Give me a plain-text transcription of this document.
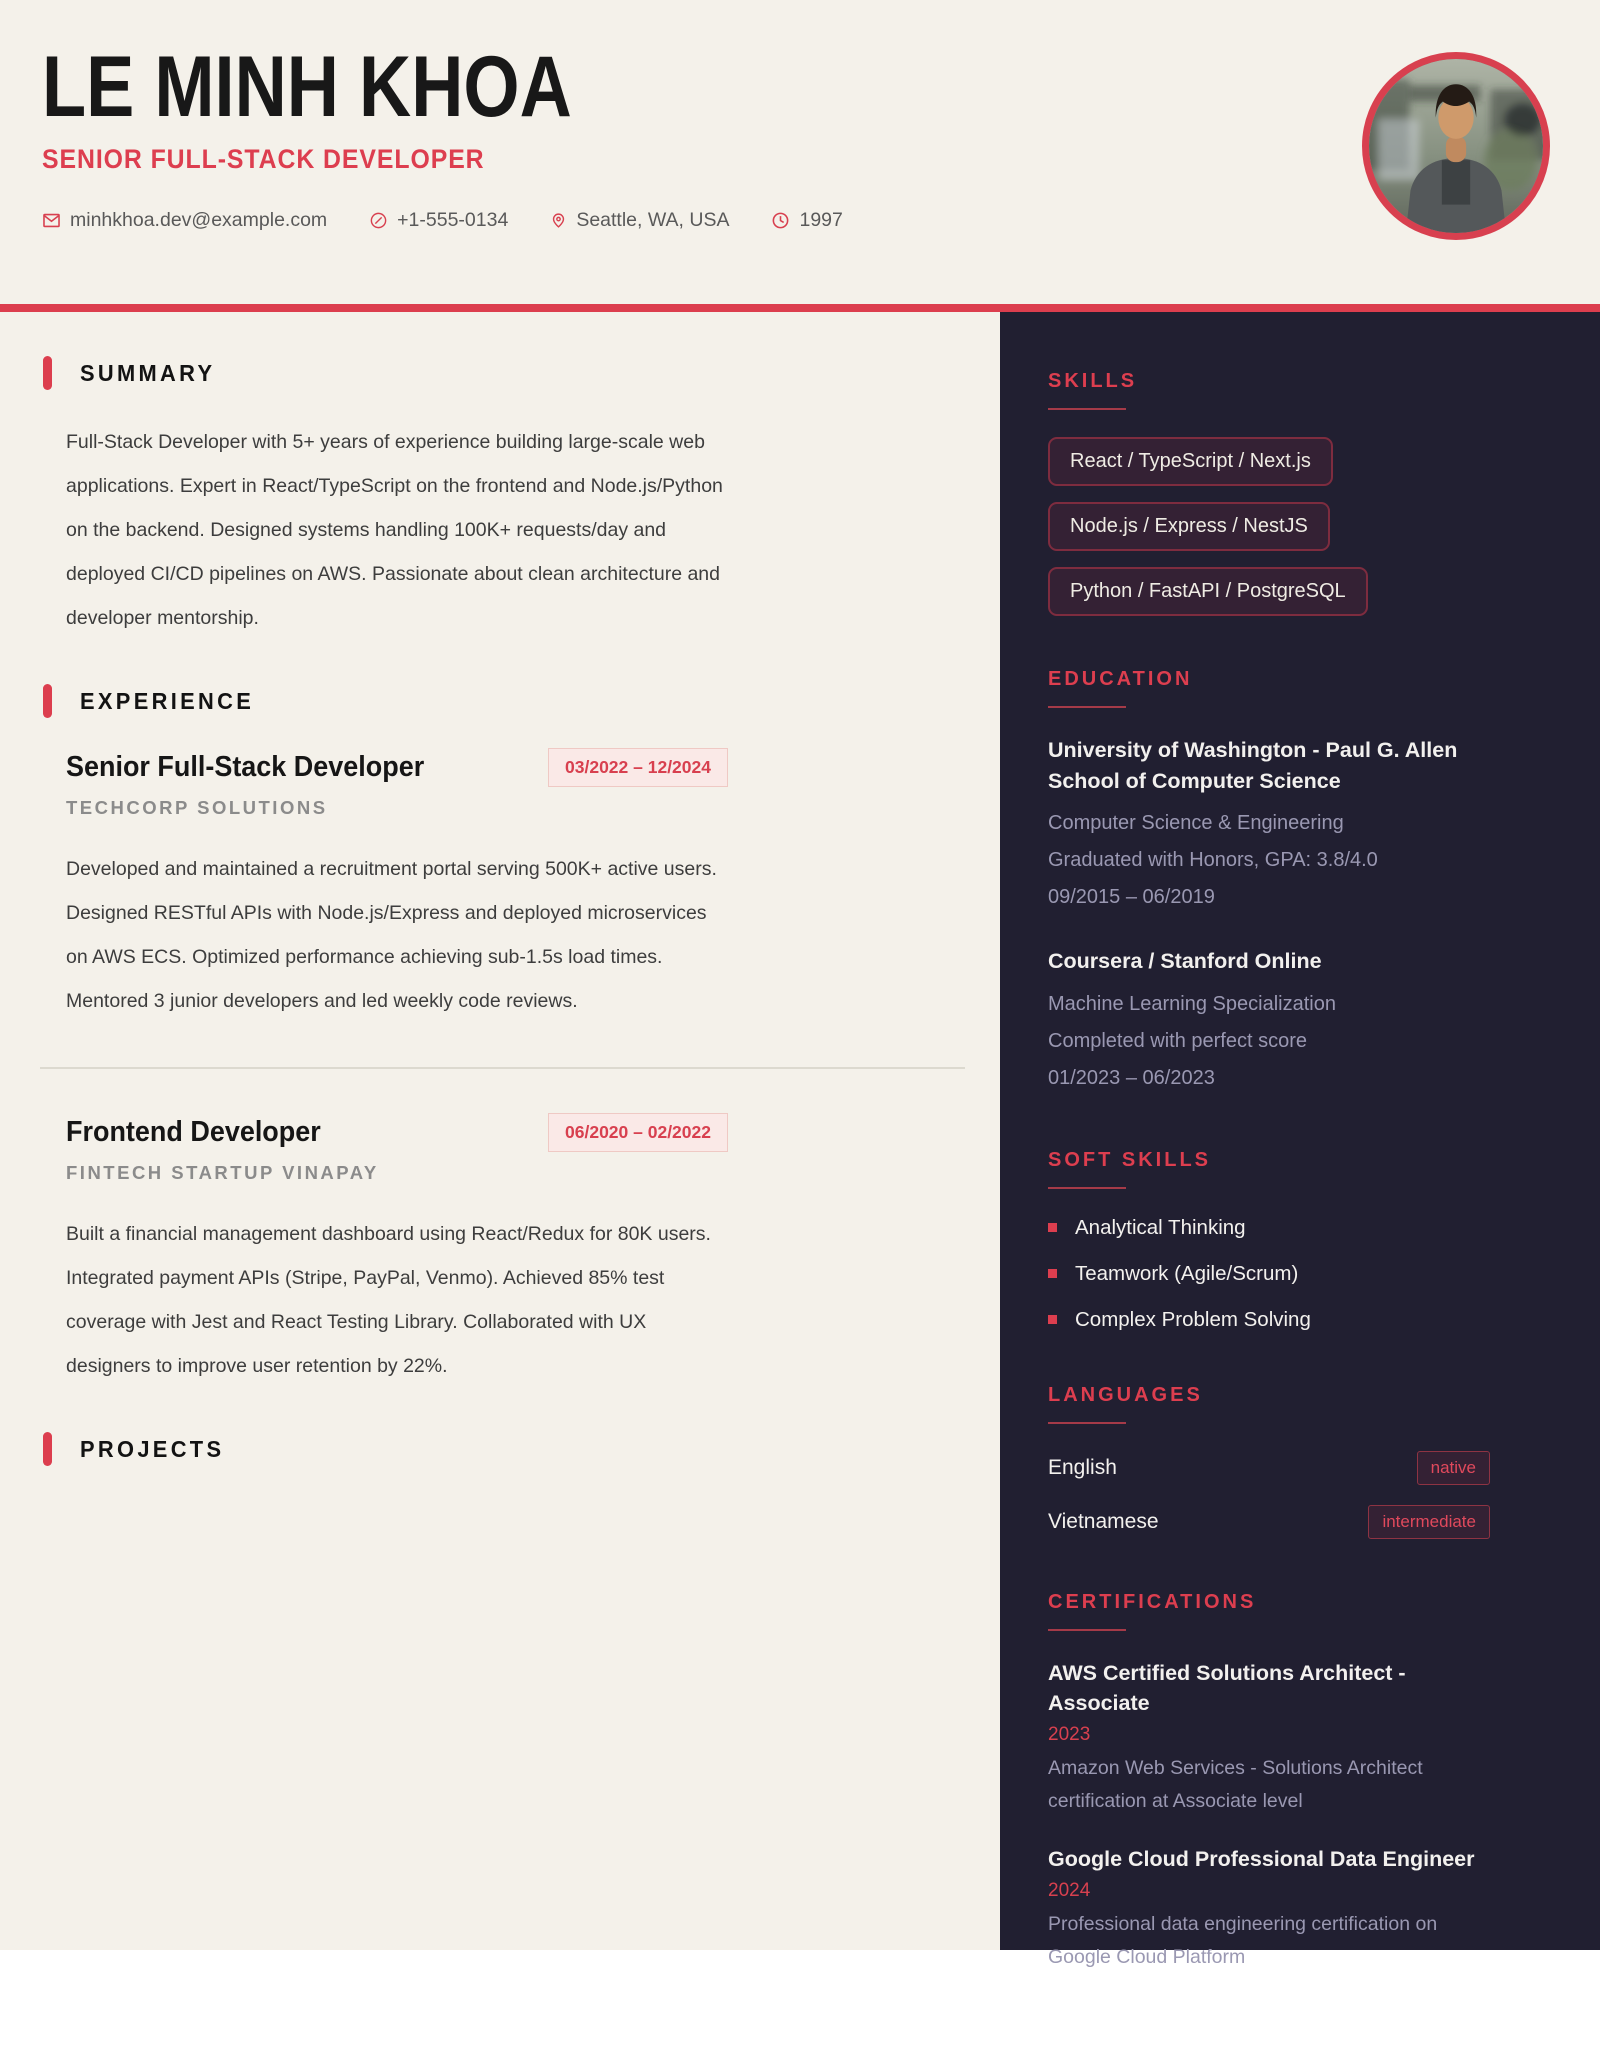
LE MINH KHOA
SENIOR FULL-STACK DEVELOPER
minhkhoa.dev@example.com	+1-555-0134	Seattle, WA, USA	1997
SUMMARY

Full-Stack Developer with 5+ years of experience building large-scale web applications. Expert in React/TypeScript on the frontend and Node.js/Python on the backend. Designed systems handling 100K+ requests/day and deployed CI/CD pipelines on AWS. Passionate about clean architecture and developer mentorship.

EXPERIENCE
Senior Full-Stack Developer	03/2022 – 12/2024
TECHCORP SOLUTIONS

Developed and maintained a recruitment portal serving 500K+ active users. Designed RESTful APIs with Node.js/Express and deployed microservices on AWS ECS. Optimized performance achieving sub-1.5s load times. Mentored 3 junior developers and led weekly code reviews.

Frontend Developer	06/2020 – 02/2022
FINTECH STARTUP VINAPAY

Built a financial management dashboard using React/Redux for 80K users. Integrated payment APIs (Stripe, PayPal, Venmo). Achieved 85% test coverage with Jest and React Testing Library. Collaborated with UX designers to improve user retention by 22%.

PROJECTS
SKILLS
React / TypeScript / Next.js
Node.js / Express / NestJS
Python / FastAPI / PostgreSQL
EDUCATION
University of Washington - Paul G. Allen School of Computer Science

Computer Science & Engineering

Graduated with Honors, GPA: 3.8/4.0

09/2015 – 06/2019

Coursera / Stanford Online

Machine Learning Specialization

Completed with perfect score

01/2023 – 06/2023

SOFT SKILLS
Analytical Thinking
Teamwork (Agile/Scrum)
Complex Problem Solving
LANGUAGES
English	native
Vietnamese	intermediate
CERTIFICATIONS
AWS Certified Solutions Architect - Associate

2023

Amazon Web Services - Solutions Architect certification at Associate level

Google Cloud Professional Data Engineer

2024

Professional data engineering certification on Google Cloud Platform
